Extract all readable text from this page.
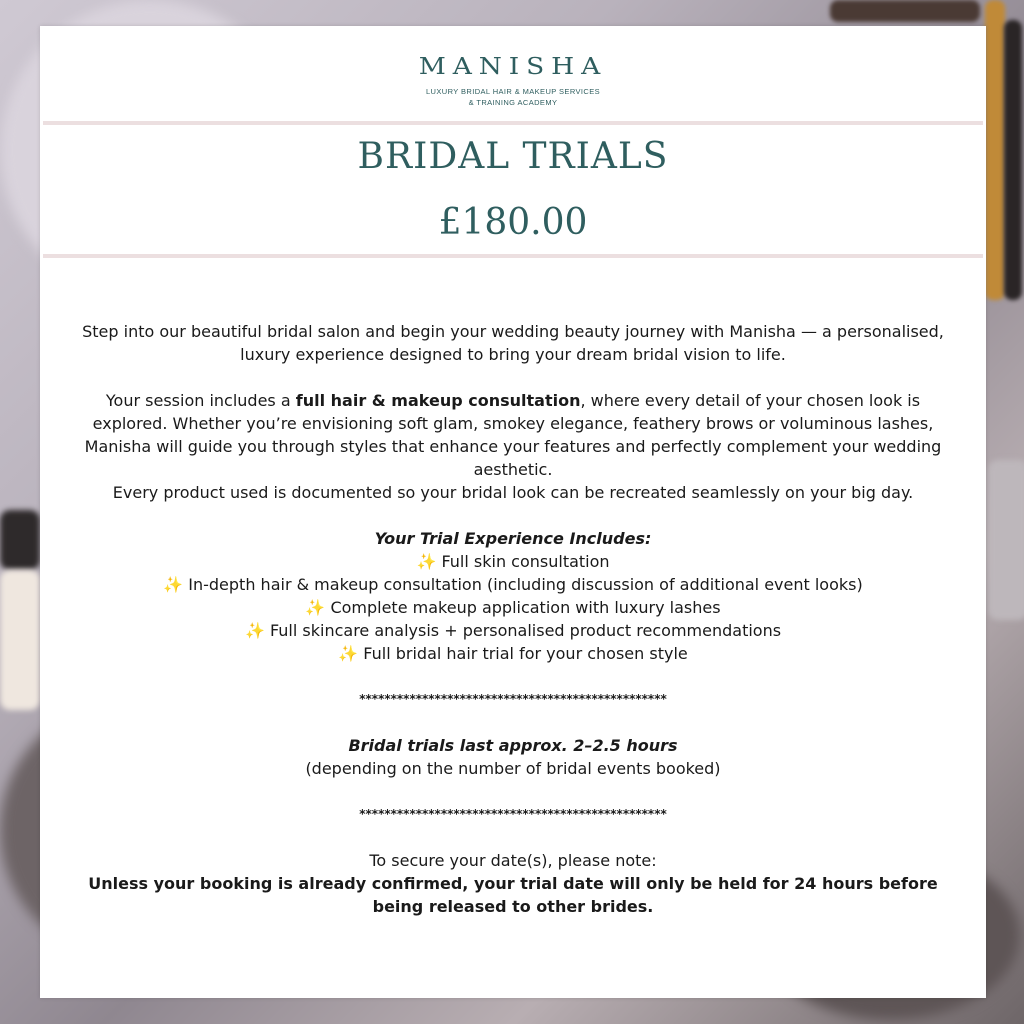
MANISHA
LUXURY BRIDAL HAIR & MAKEUP SERVICES
& TRAINING ACADEMY
BRIDAL TRIALS
£180.00

Step into our beautiful bridal salon and begin your wedding beauty journey with Manisha — a personalised, luxury experience designed to bring your dream bridal vision to life.

Your session includes a full hair & makeup consultation, where every detail of your chosen look is explored. Whether you’re envisioning soft glam, smokey elegance, feathery brows or voluminous lashes, Manisha will guide you through styles that enhance your features and perfectly complement your wedding aesthetic.

Every product used is documented so your bridal look can be recreated seamlessly on your big day.

Your Trial Experience Includes:

✨ Full skin consultation

✨ In-depth hair & makeup consultation (including discussion of additional event looks)

✨ Complete makeup application with luxury lashes

✨ Full skincare analysis + personalised product recommendations

✨ Full bridal hair trial for your chosen style

*************************************************

Bridal trials last approx. 2–2.5 hours

(depending on the number of bridal events booked)

*************************************************

To secure your date(s), please note:

Unless your booking is already confirmed, your trial date will only be held for 24 hours before being released to other brides.
